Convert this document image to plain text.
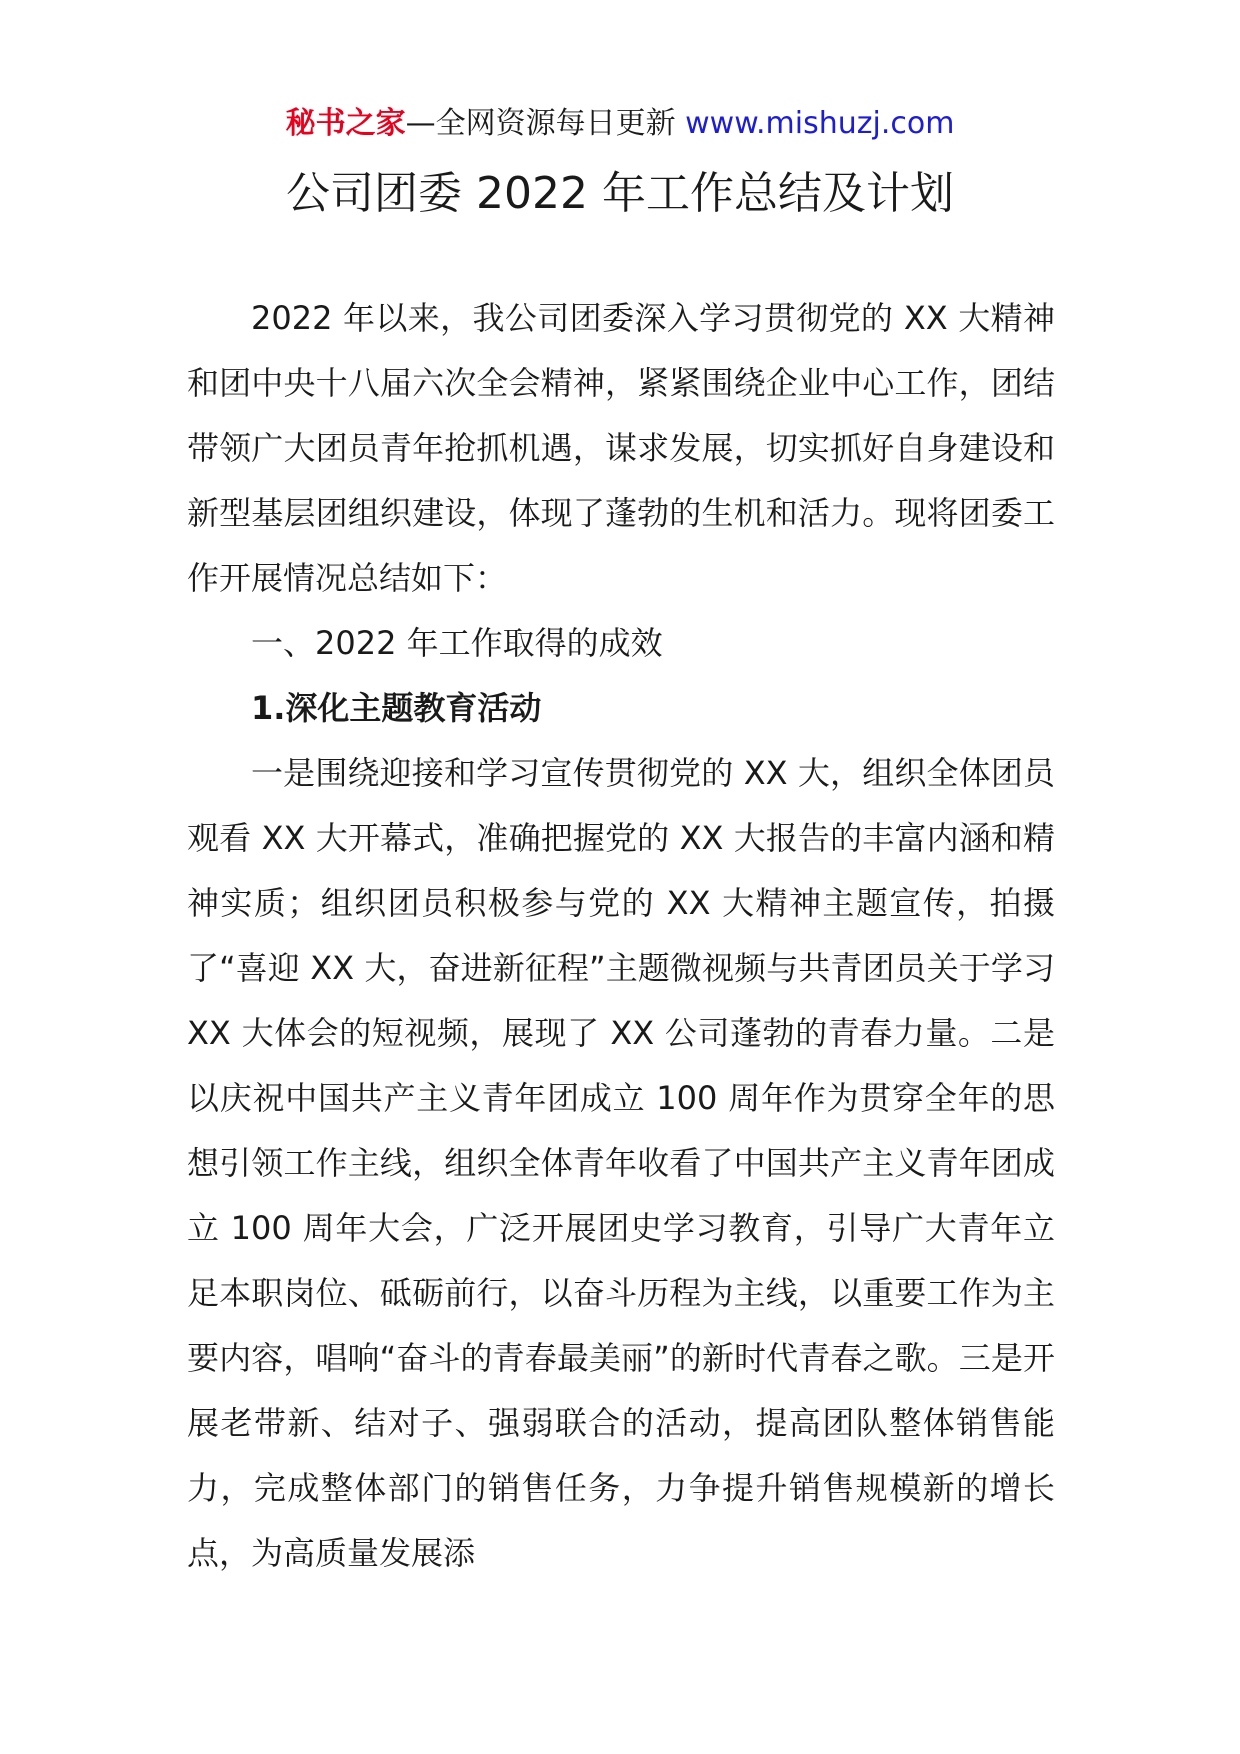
秘书之家—全网资源每日更新 www.mishuzj.com
公司团委 2022 年工作总结及计划

2022 年以来，我公司团委深入学习贯彻党的 XX 大精神和团中央十八届六次全会精神，紧紧围绕企业中心工作，团结带领广大团员青年抢抓机遇，谋求发展，切实抓好自身建设和新型基层团组织建设，体现了蓬勃的生机和活力。现将团委工作开展情况总结如下：

一、2022 年工作取得的成效
1.深化主题教育活动

一是围绕迎接和学习宣传贯彻党的 XX 大，组织全体团员观看 XX 大开幕式，准确把握党的 XX 大报告的丰富内涵和精神实质；组织团员积极参与党的 XX 大精神主题宣传，拍摄了“喜迎 XX 大，奋进新征程”主题微视频与共青团员关于学习 XX 大体会的短视频，展现了 XX 公司蓬勃的青春力量。二是以庆祝中国共产主义青年团成立 100 周年作为贯穿全年的思想引领工作主线，组织全体青年收看了中国共产主义青年团成立 100 周年大会，广泛开展团史学习教育，引导广大青年立足本职岗位、砥砺前行，以奋斗历程为主线，以重要工作为主要内容，唱响“奋斗的青春最美丽”的新时代青春之歌。三是开展老带新、结对子、强弱联合的活动，提高团队整体销售能力，完成整体部门的销售任务，力争提升销售规模新的增长点，为高质量发展添
